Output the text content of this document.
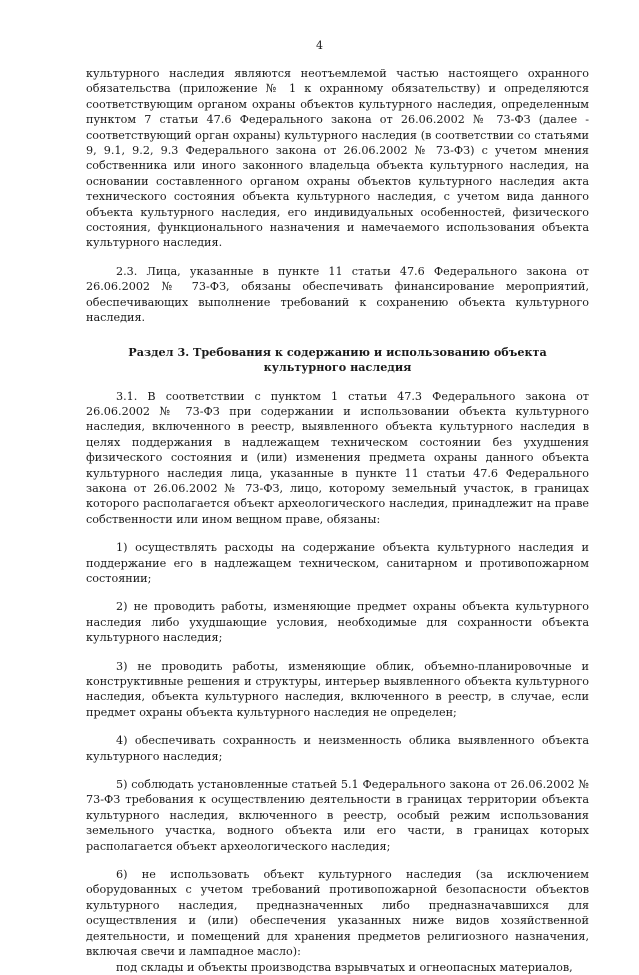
4

культурного наследия являются неотъемлемой частью настоящего охранного обязательства (приложение № 1 к охранному обязательству) и определяются соответствующим органом охраны объектов культурного наследия, определенным пунктом 7 статьи 47.6 Федерального закона от 26.06.2002 № 73-ФЗ (далее - соответствующий орган охраны) культурного наследия (в соответствии со статьями 9, 9.1, 9.2, 9.3 Федерального закона от 26.06.2002 № 73-ФЗ) с учетом мнения собственника или иного законного владельца объекта культурного наследия, на основании составленного органом охраны объектов культурного наследия акта технического состояния объекта культурного наследия, с учетом вида данного объекта культурного наследия, его индивидуальных особенностей, физического состояния, функционального назначения и намечаемого использования объекта культурного наследия.

2.3. Лица, указанные в пункте 11 статьи 47.6 Федерального закона от 26.06.2002 № 73-ФЗ, обязаны обеспечивать финансирование мероприятий, обеспечивающих выполнение требований к сохранению объекта культурного наследия.

Раздел 3. Требования к содержанию и использованию объекта культурного наследия

3.1. В соответствии с пунктом 1 статьи 47.3 Федерального закона от 26.06.2002 № 73-ФЗ при содержании и использовании объекта культурного наследия, включенного в реестр, выявленного объекта культурного наследия в целях поддержания в надлежащем техническом состоянии без ухудшения физического состояния и (или) изменения предмета охраны данного объекта культурного наследия лица, указанные в пункте 11 статьи 47.6 Федерального закона от 26.06.2002 № 73-ФЗ, лицо, которому земельный участок, в границах которого располагается объект археологического наследия, принадлежит на праве собственности или ином вещном праве, обязаны:

1) осуществлять расходы на содержание объекта культурного наследия и поддержание его в надлежащем техническом, санитарном и противопожарном состоянии;

2) не проводить работы, изменяющие предмет охраны объекта культурного наследия либо ухудшающие условия, необходимые для сохранности объекта культурного наследия;

3) не проводить работы, изменяющие облик, объемно-планировочные и конструктивные решения и структуры, интерьер выявленного объекта культурного наследия, объекта культурного наследия, включенного в реестр, в случае, если предмет охраны объекта культурного наследия не определен;

4) обеспечивать сохранность и неизменность облика выявленного объекта культурного наследия;

5) соблюдать установленные статьей 5.1 Федерального закона от 26.06.2002 № 73-ФЗ требования к осуществлению деятельности в границах территории объекта культурного наследия, включенного в реестр, особый режим использования земельного участка, водного объекта или его части, в границах которых располагается объект археологического наследия;

6) не использовать объект культурного наследия (за исключением оборудованных с учетом требований противопожарной безопасности объектов культурного наследия, предназначенных либо предназначавшихся для осуществления и (или) обеспечения указанных ниже видов хозяйственной деятельности, и помещений для хранения предметов религиозного назначения, включая свечи и лампадное масло):

под склады и объекты производства взрывчатых и огнеопасных материалов,
